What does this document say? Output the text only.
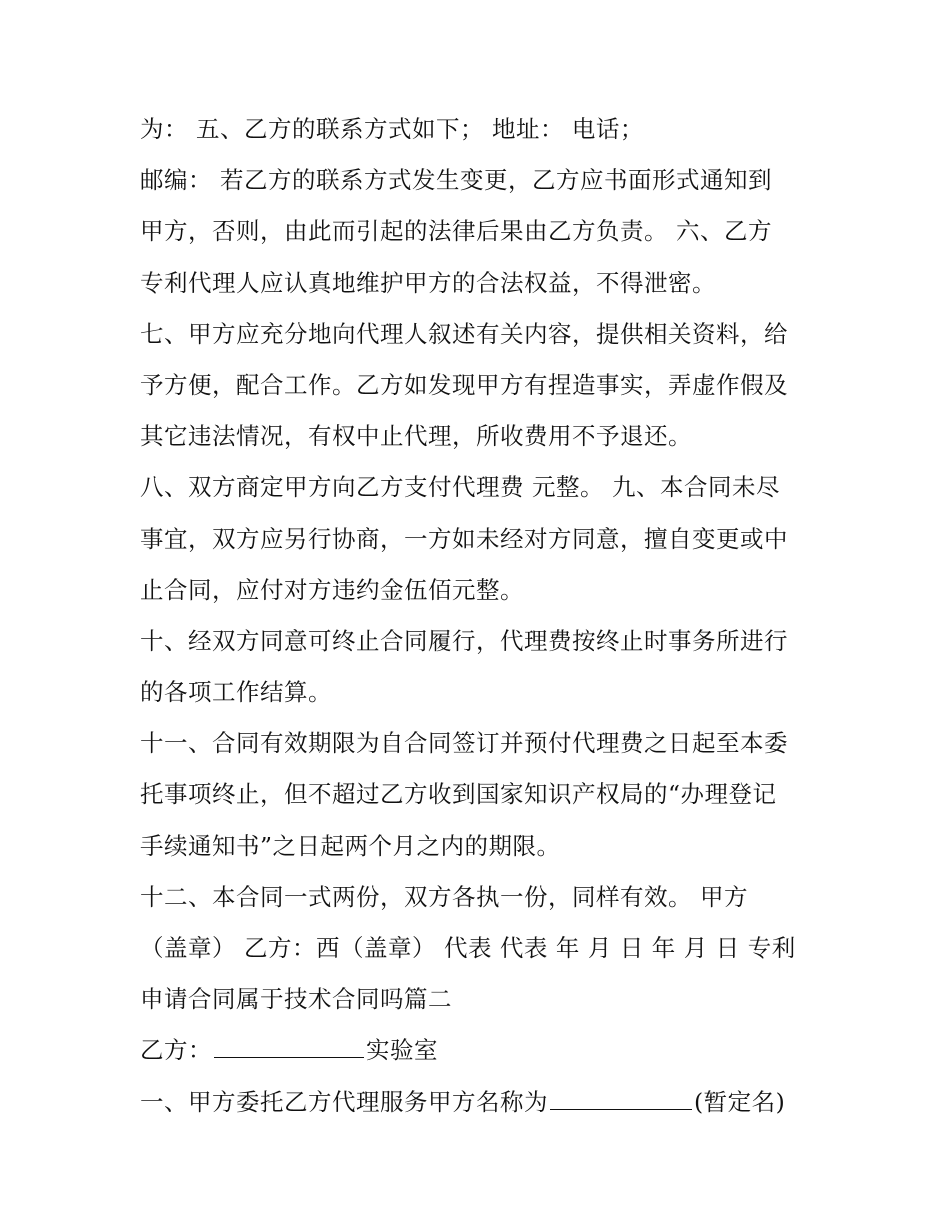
为： 五、乙方的联系方式如下； 地址： 电话；
邮编： 若乙方的联系方式发生变更，乙方应书面形式通知到
甲方，否则，由此而引起的法律后果由乙方负责。 六、乙方
专利代理人应认真地维护甲方的合法权益，不得泄密。
七、甲方应充分地向代理人叙述有关内容，提供相关资料，给
予方便，配合工作。乙方如发现甲方有捏造事实，弄虚作假及
其它违法情况，有权中止代理，所收费用不予退还。
八、双方商定甲方向乙方支付代理费 元整。 九、本合同未尽
事宜，双方应另行协商，一方如未经对方同意，擅自变更或中
止合同，应付对方违约金伍佰元整。
十、经双方同意可终止合同履行，代理费按终止时事务所进行
的各项工作结算。
十一、合同有效期限为自合同签订并预付代理费之日起至本委
托事项终止，但不超过乙方收到国家知识产权局的“办理登记
手续通知书”之日起两个月之内的期限。
十二、本合同一式两份，双方各执一份，同样有效。 甲方
（盖章） 乙方：西（盖章） 代表 代表 年 月 日 年 月 日 专利
申请合同属于技术合同吗篇二
乙方：	实验室
一、甲方委托乙方代理服务甲方名称为	(暂定名)
